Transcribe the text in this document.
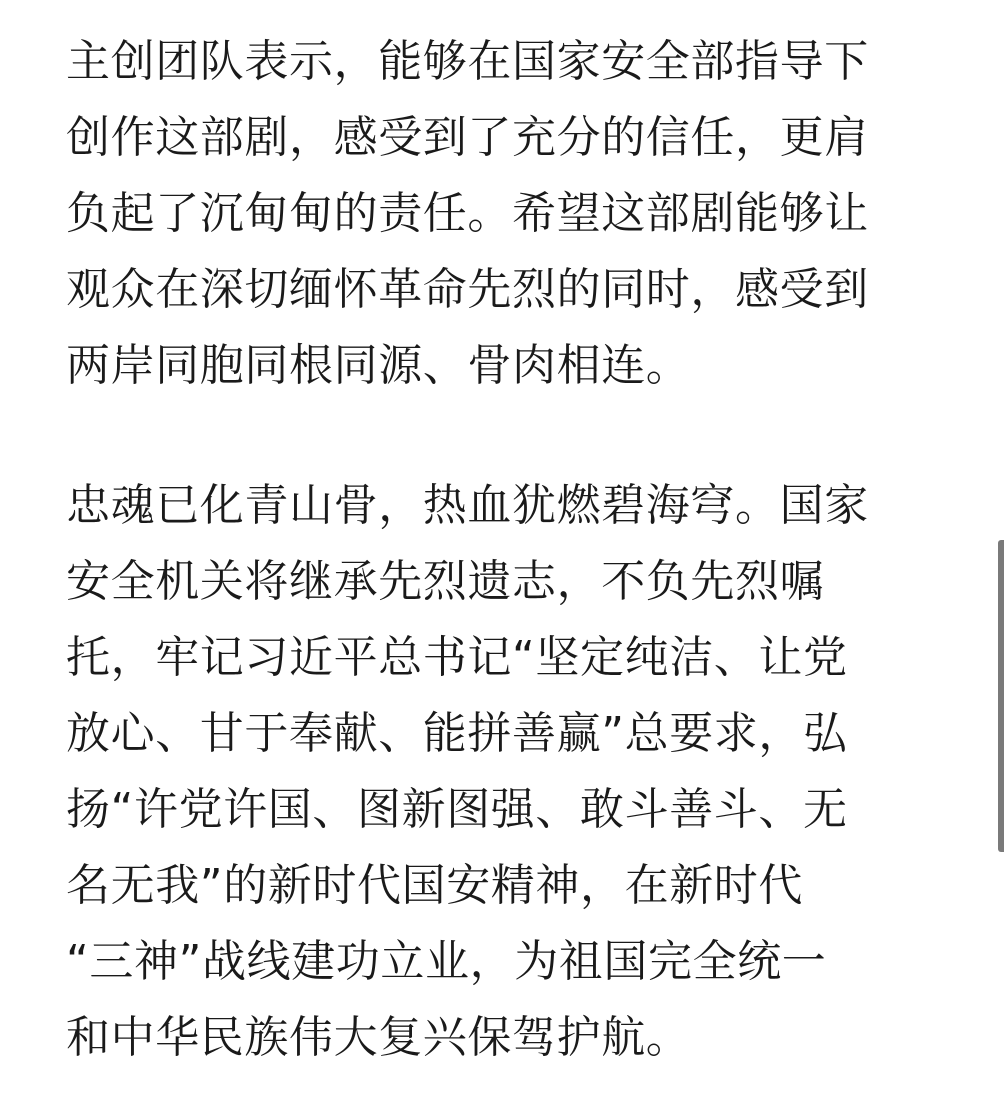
主创团队表示，能够在国家安全部指导下
创作这部剧，感受到了充分的信任，更肩
负起了沉甸甸的责任。希望这部剧能够让
观众在深切缅怀革命先烈的同时，感受到
两岸同胞同根同源、骨肉相连。
忠魂已化青山骨，热血犹燃碧海穹。国家
安全机关将继承先烈遗志，不负先烈嘱
托，牢记习近平总书记“坚定纯洁、让党
放心、甘于奉献、能拼善赢”总要求，弘
扬“许党许国、图新图强、敢斗善斗、无
名无我”的新时代国安精神，在新时代
“三神”战线建功立业，为祖国完全统一
和中华民族伟大复兴保驾护航。
